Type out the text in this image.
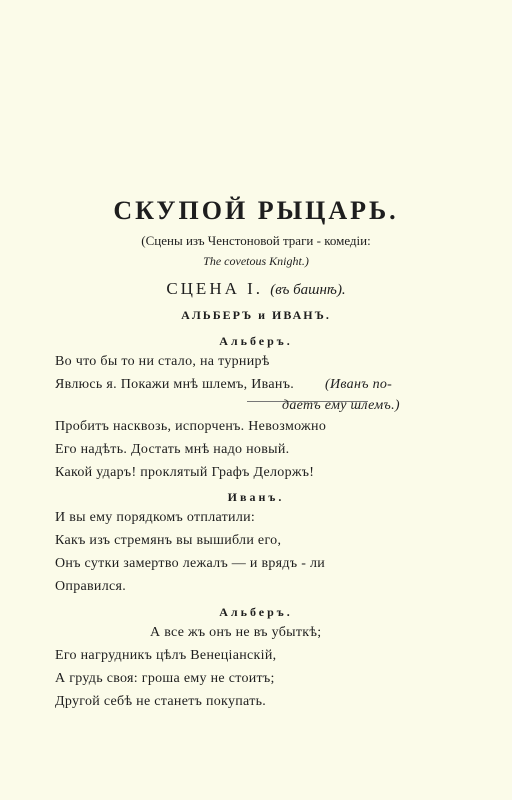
СКУПОЙ РЫЦАРЬ.
(Сцены изъ Ченстоновой траги - комедіи:
The covetous Knight.)
СЦЕНА I. (въ башнѣ).
АЛЬБЕРЪ и ИВАНЪ.
Альберъ.
Во что бы то ни стало, на турнирѣ
Явлюсь я. Покажи мнѣ шлемъ, Иванъ. (Иванъ по-
даетъ ему шлемъ.)
Пробитъ насквозь, испорченъ. Невозможно
Его надѣть. Достать мнѣ надо новый.
Какой ударъ! проклятый Графъ Делоржъ!
Иванъ.
И вы ему порядкомъ отплатили:
Какъ изъ стремянъ вы вышибли его,
Онъ сутки замертво лежалъ — и врядъ - ли
Оправился.
Альберъ.
А все жъ онъ не въ убыткѣ;
Его нагрудникъ цѣлъ Венеціанскій,
А грудь своя: гроша ему не стоитъ;
Другой себѣ не станетъ покупать.
